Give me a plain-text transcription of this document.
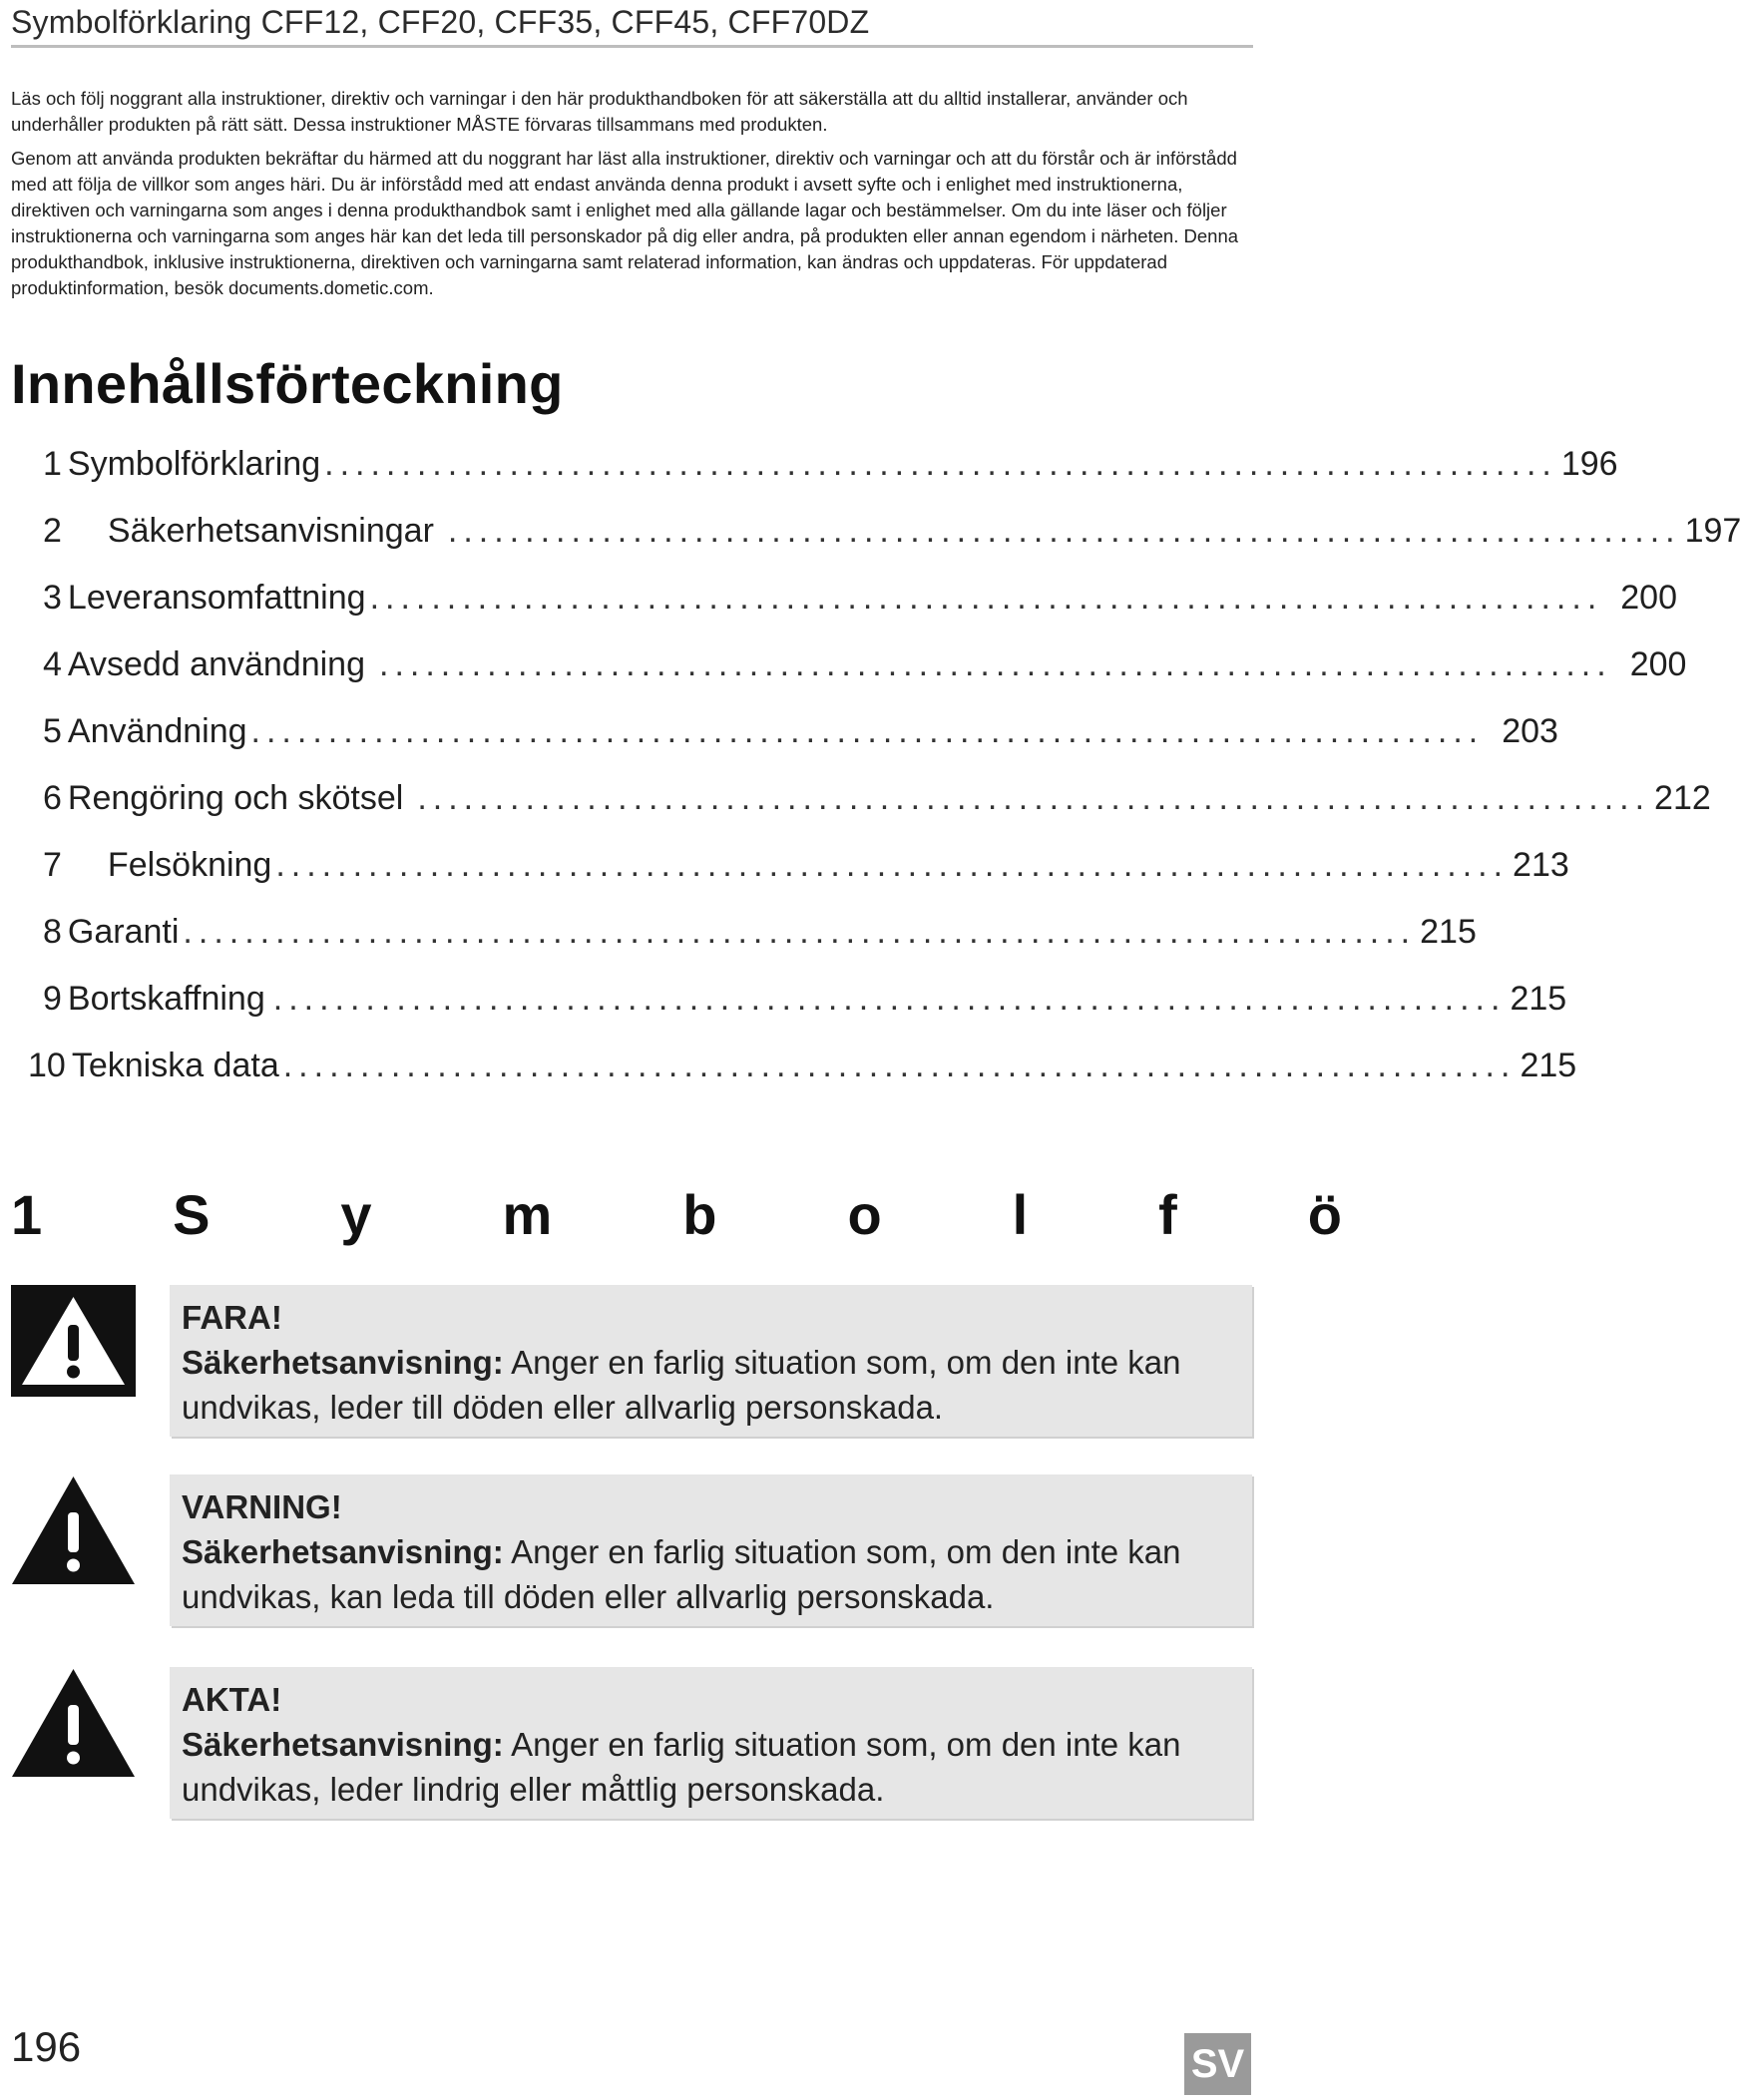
Symbolförklaring CFF12, CFF20, CFF35, CFF45, CFF70DZ
Läs och följ noggrant alla instruktioner, direktiv och varningar i den här produkthandboken för att säkerställa att du alltid installerar, använder och underhåller produkten på rätt sätt. Dessa instruktioner MÅSTE förvaras tillsammans med produkten.
Genom att använda produkten bekräftar du härmed att du noggrant har läst alla instruktioner, direktiv och varningar och att du förstår och är införstådd med att följa de villkor som anges häri. Du är införstådd med att endast använda denna produkt i avsett syfte och i enlighet med instruktionerna, direktiven och varningarna som anges i denna produkthandbok samt i enlighet med alla gällande lagar och bestämmelser. Om du inte läser och följer instruktionerna och varningarna som anges här kan det leda till personskador på dig eller andra, på produkten eller annan egendom i närheten. Denna produkthandbok, inklusive instruktionerna, direktiven och varningarna samt relaterad information, kan ändras och uppdateras. För uppdaterad produktinformation, besök documents.dometic.com.
Innehållsförteckning
1 Symbolförklaring ................................................................................ 196
2 Säkerhetsanvisningar ................................................................................ 197
3 Leveransomfattning ................................................................................ 200
4 Avsedd användning ................................................................................ 200
5 Användning ................................................................................ 203
6 Rengöring och skötsel ................................................................................ 212
7 Felsökning ................................................................................ 213
8 Garanti ................................................................................ 215
9 Bortskaffning ................................................................................ 215
10 Tekniska data ................................................................................ 215
1 S y m b o l f ö
FARA!
Säkerhetsanvisning: Anger en farlig situation som, om den inte kan undvikas, leder till döden eller allvarlig personskada.
VARNING!
Säkerhetsanvisning: Anger en farlig situation som, om den inte kan undvikas, kan leda till döden eller allvarlig personskada.
AKTA!
Säkerhetsanvisning: Anger en farlig situation som, om den inte kan undvikas, leder lindrig eller måttlig personskada.
196	SV
